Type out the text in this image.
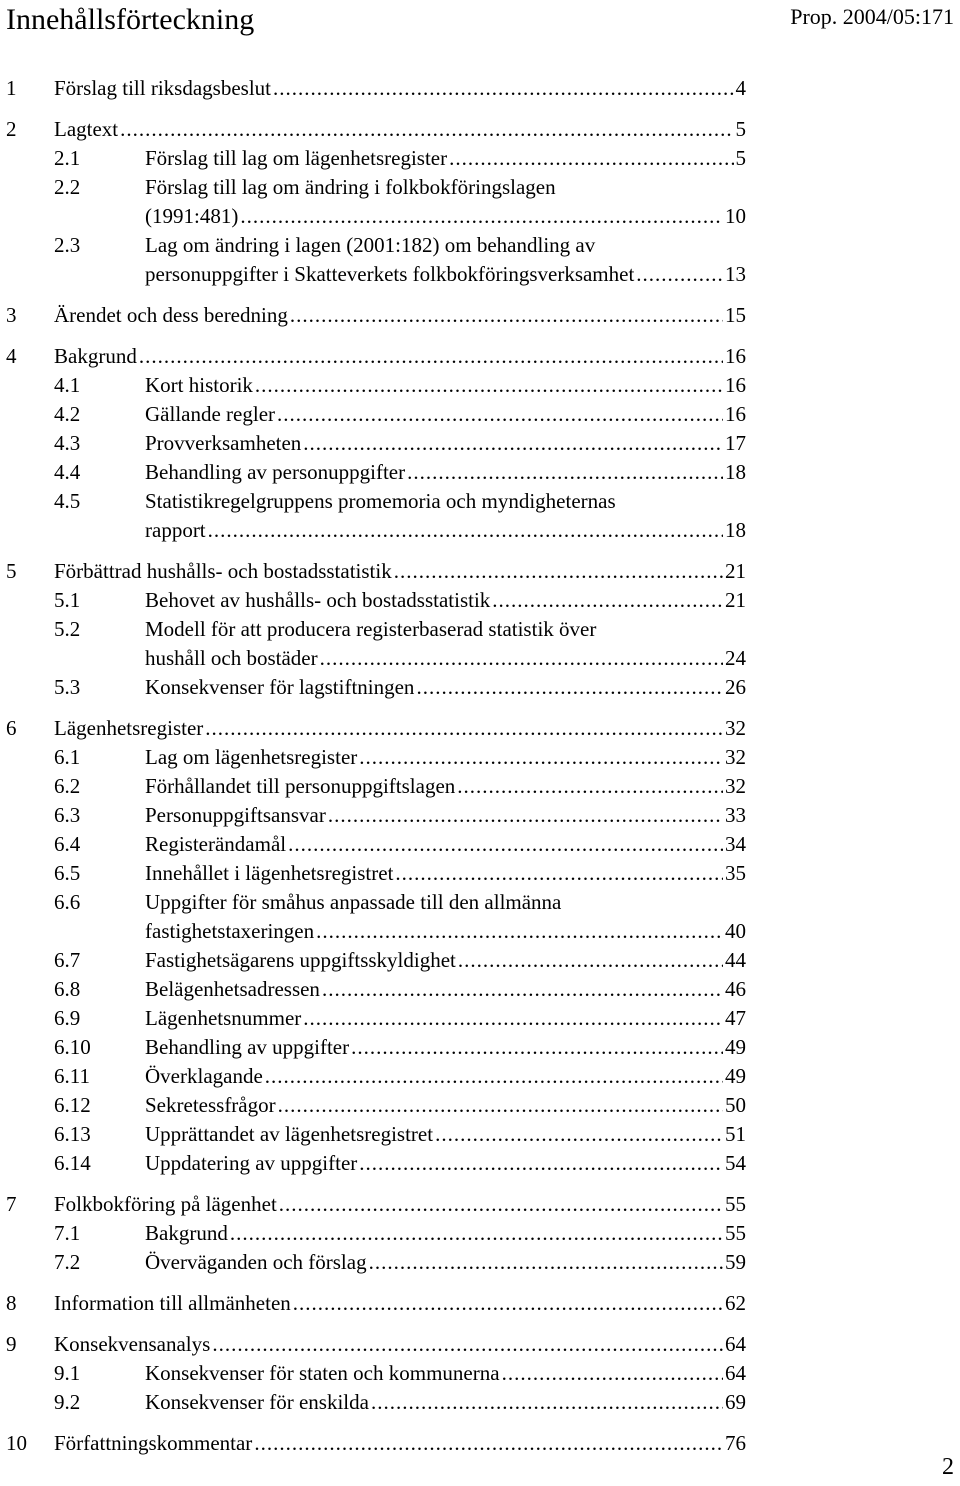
Innehållsförteckning	Prop. 2004/05:171
1 Förslag till riksdagsbeslut .....	4
2 Lagtext .....	5
2.1	Förslag till lag om lägenhetsregister .....	5
2.2	Förslag till lag om ändring i folkbokföringslagen
(1991:481) .....	10
2.3	Lag om ändring i lagen (2001:182) om behandling av
personuppgifter i Skatteverkets folkbokföringsverksamhet .....	13
3 Ärendet och dess beredning .....	15
4 Bakgrund .....	16
4.1	Kort historik .....	16
4.2	Gällande regler .....	16
4.3	Provverksamheten .....	17
4.4	Behandling av personuppgifter .....	18
4.5	Statistikregelgruppens promemoria och myndigheternas
rapport .....	18
5 Förbättrad hushålls- och bostadsstatistik .....	21
5.1	Behovet av hushålls- och bostadsstatistik .....	21
5.2	Modell för att producera registerbaserad statistik över
hushåll och bostäder .....	24
5.3	Konsekvenser för lagstiftningen .....	26
6 Lägenhetsregister .....	32
6.1	Lag om lägenhetsregister .....	32
6.2	Förhållandet till personuppgiftslagen .....	32
6.3	Personuppgiftsansvar .....	33
6.4	Registerändamål .....	34
6.5	Innehållet i lägenhetsregistret .....	35
6.6	Uppgifter för småhus anpassade till den allmänna
fastighetstaxeringen .....	40
6.7	Fastighetsägarens uppgiftsskyldighet .....	44
6.8	Belägenhetsadressen .....	46
6.9	Lägenhetsnummer .....	47
6.10	Behandling av uppgifter .....	49
6.11	Överklagande .....	49
6.12	Sekretessfrågor .....	50
6.13	Upprättandet av lägenhetsregistret .....	51
6.14	Uppdatering av uppgifter .....	54
7 Folkbokföring på lägenhet .....	55
7.1	Bakgrund .....	55
7.2	Överväganden och förslag .....	59
8 Information till allmänheten .....	62
9 Konsekvensanalys .....	64
9.1	Konsekvenser för staten och kommunerna .....	64
9.2	Konsekvenser för enskilda .....	69
10 Författningskommentar .....	76
2
